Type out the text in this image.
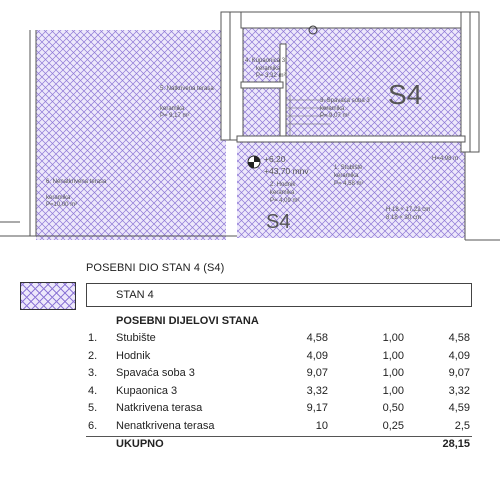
5. Natkrivena terasa
keramika
P= 9,17 m²
6. Nenatkrivena terasa
keramika
P=10,00 m²
4. Kupaonica 3
keramika
P= 3,32 m²
3. Spavaća soba 3
keramika
P= 9,07 m²
2. Hodnik
keramika
P= 4,09 m²
1. Stubište
keramika
P= 4,58 m²
H=4,98 m
H 18 × 17,22 cm
8 18 × 30 cm
+6,20
+43,70 mnv
S4
S4
POSEBNI DIO STAN 4 (S4)
STAN 4
POSEBNI DIJELOVI STANA
1. Stubište	4,58	1,00	4,58
2. Hodnik	4,09	1,00	4,09
3. Spavaća soba 3	9,07	1,00	9,07
4. Kupaonica 3	3,32	1,00	3,32
5. Natkrivena terasa	9,17	0,50	4,59
6. Nenatkrivena terasa	10	0,25	2,5
UKUPNO	28,15
